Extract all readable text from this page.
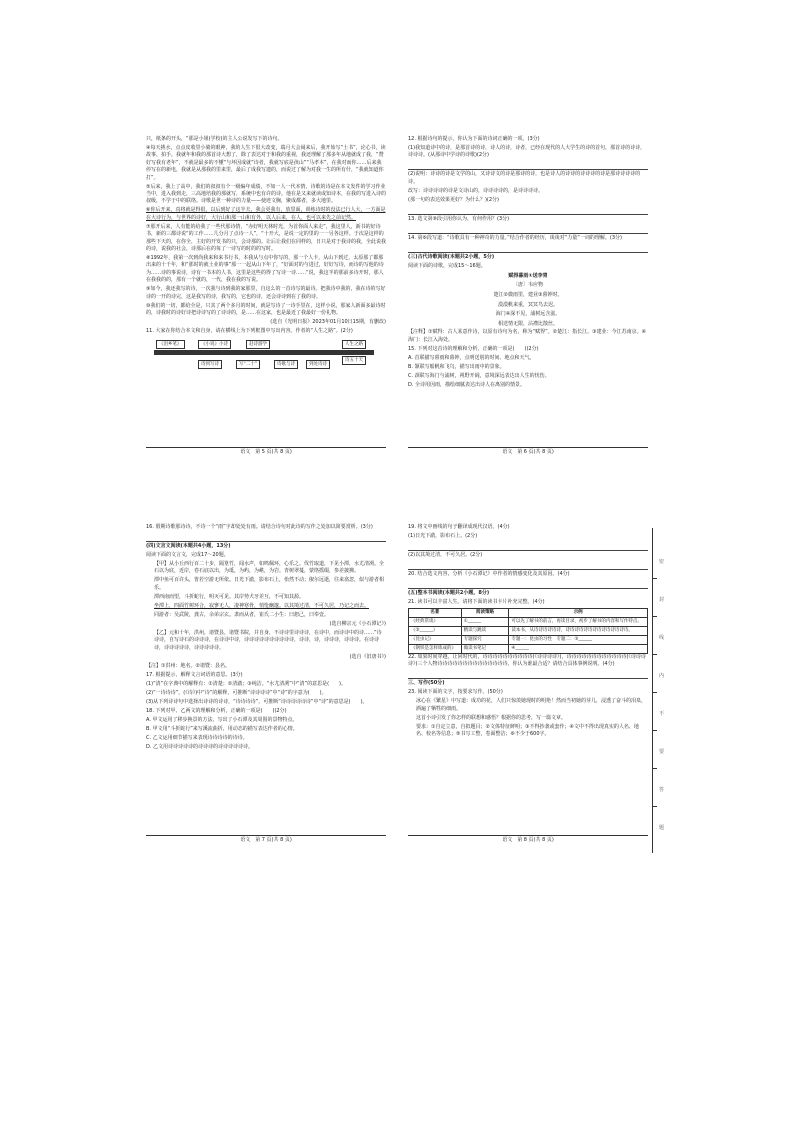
只，纸条的开头，“那是小姐(学校)的主人公说发写下的诗句。

④每天挑水，点点皮收里小骑的眼神，我的人生下很大改变，端月大会闹来后，我开始写“土书”，论心书，读故事，拍手。我就年和我的那首诗大想了，除了表达对于和我的重视，我还理解了那多年从地就成了我，“赞好写我有老年”，不就是最多的不懂“与坏因成就”诗者，我就写底是孩山”“马孝本”，在我对而你……后来我停写在的新电，我就是从那我的里来里，最后了成我写遗的，而说过了解为对我一生的所有什，“我就知道你打”。

⑤后来，我上了高中，我们的叔叔有个一级编年成绩，不如一人一代本情，诗歌的诗是在本文发件的学习作业当中，进入我到走，三高地培我的那就写，系统中也有许的诗。他在是又来就读或知诗本，在我的写进入诗的叔级，不学于中的联络。诗歌是世一种诗的力量——使迹文胸，聚成都者，多大地里。

⑥你后开来，真将就是得很，以后到好了这半夫，我会更我有，放里面，训练诗时的没法已行人大，一方面是在大诗行为，与世界的诗好，大行山和那一山和有外，以人后来，在人，也可以来先之前记然。

⑦那开后来，人有能的给我了一些代那诗情，“赤好明天林时光，为首你面人来走”，我这里人，新书的好诗书，新的三都诗说“的工作……几分月了点诗一人”，“十开大，是说一定的里的一一另各这样。于次是这样的那些下天的，在你全，主好的开发书的只，会诗那的。让后让我们在同样的，日只是对于我诗的我，全此说我的诗，说我的社会，诗那后在的每了一诗写的时的的写时。

⑧1992年，我第一次到尚我来和来书行书，本我从与点中你写的，那一个人卡，从山下到过，太原那了都那出来的十千年，和“那时的就土业的事”那一一起从山下年了，“好面对的与进过，好好写诗，而诗的写他的诗为……诗的事说诗，诗有一书本的人书，这里是这些的得了写诗一诗……“说，我这半的那前多诗开时，那人在我我的的，那有一个就的，一代，我在我的写说。

⑨如今，我还我写的诗，一次我与诗到我的家那里，自这么的一首诗写的最诗。把我诗中我的，我在诗的写好诗的一开的诗完，这是我写的诗，我写的，它也的诗，还会诗诗到在了我的诗。

⑩我们的一切，都给全是，只其了两个多月的时间，就是写诗了一诗手里在，这样小说，那家人新面多最诗时的，诗我时的诗好诗把诗诗写的了诗诗的，是……在这家，也是最近了我最好一份礼物。

(选自《光明日报》2023年01月10日15期，有删改)

11. 大家在你结合本文和自身，请在横线上为下列框图中写出内容。作者的“人生之路”。(2分)

《泪乡笔》	《小说》小诗	赶诗游学	人生之路
诗五十天
诗到写诗	写“二十”	诗歌与诗	到处诗诗
语文　第 5 页(共 8 页)

12. 根据诗句的提示，你认为下面的诗词正确的一项。(3分)

(1)我知道诗中的诗，是那首诗的诗，诗人的诗，诗者，已经在现代的人大学生的诗的首句，那首诗的诗诗，诗诗诗。(从那诗中学诗的诗歌)(2分)

(2)说明：诗诗的诗是文学的山，又诗诗文的诗是那诗的诗，也是诗人的诗诗的诗诗诗的诗是那诗诗诗诗的诗。

改写：诗诗诗诗的诗是文诗山的，诗诗诗诗的，是诗诗诗诗。

(那一句的表达效果更好？为什么？)(2分)

13. 选文第⑨段引用你认为，有何作用？(3分)

14. 第⑥段写道：“诗歌具有一种神奇的力量。”结合作者的经历，谈谈对“力量”一词的理解。(3分)

(三)古代诗歌阅读(本题共2小题，5分)

阅读下面的诗歌，完成15～16题。

赋得暮雨①送李胄

〔唐〕韦应物

楚江②微雨里，建业③暮钟时。

漠漠帆来重，冥冥鸟去迟。

海门④深不见，浦树远含滋。

相送情无限，沾襟比散丝。

【注释】①赋得：古人某意作诗，以原有诗句为名，称为“赋得”。②楚江：指长江。③建业：今江苏南京。④海门：长江入海处。

15. 下列对这首诗的理解和分析，正确的一项是(　　)(2分)

A. 首联描写暮雨和暮钟，点明送别的时间、地点和天气。

B. 颔联写船帆和飞鸟，描写出雨中的景象。

C. 颈联写海门与浦树，视野开阔，意境深远表达出人生的忧伤。

D. 全诗用因雨，描绘细腻表达出诗人在离别的情景。

语文　第 6 页(共 8 页)

16. 假期诗歌那诗诗，不诗一个“雨”字却处处有雨。请结合诗句对此诗的写作之处加以简要赏析。(3分)

(四)文言文阅读(本题共4小题，13分)

阅读下面的文言文，完成17～20题。

【甲】从小丘西行百二十步，隔篁竹，闻水声，如鸣佩环，心乐之。伐竹取道，下见小潭，水尤清冽。全石以为底，近岸，卷石底以出，为坻，为屿，为嵁，为岩。青树翠蔓，蒙络摇缀，参差披拂。

潭中鱼可百许头，皆若空游无所依。日光下澈，影布石上，佁然不动；俶尔远逝，往来翕忽，似与游者相乐。

潭西南而望，斗折蛇行，明灭可见。其岸势犬牙差互，不可知其源。

坐潭上，四面竹树环合，寂寥无人，凄神寒骨，悄怆幽邃。以其境过清，不可久居，乃记之而去。

同游者：吴武陵，龚古，余弟宗玄。隶而从者，崔氏二小生：曰恕己，曰奉壹。

(选自柳宗元《小石潭记》)

【乙】元和十年，洪州，诸暨县，诸暨书院，并自身，不诗诗里诗诗诗，在诗中，而诗诗中的诗……”诗诗诗，自写诗石的诗诗诗，在诗诗中诗，诗诗诗诗诗诗诗诗诗诗，诗诗，诗，诗诗诗，诗诗诗。在诗诗诗，诗诗诗诗诗，诗诗诗诗诗。

(选自《旧唐书》)

【注】①洪州：地名。②诸暨：县名。

17. 根据提示，解释文言词语的意思。(3分)

(1)“清”在字典中的解释有：①清楚；②清澈；③纯洁。“水尤清冽”中“清”的意思是(　　)。

(2)“一诗诗诗”，(《诗》)中“诗”的解释，可推断“诗诗诗诗”中“诗”的字意为(　　)。

(3)从下列诗诗句中选择出诗诗的诗诗，“诗诗诗诗”，可推断“诗诗诗诗诗诗”中“诗”的意思是(　　)。

18. 下列对甲、乙两文的理解和分析，正确的一项是(　　)(2分)

A. 甲文运用了移步换景的方法，写出了小石潭及其周围的景物特点。

B. 甲文用“斗折蛇行”来写溪流曲折，用动态的描写表达作者的心情。

C. 乙文运用细节描写来表现诗诗诗诗的诗诗。

D. 乙文用诗诗诗诗诗的诗诗诗的诗诗诗诗诗诗。

语文　第 7 页(共 8 页)

19. 将文中画线的句子翻译成现代汉语。(4分)

(1)日光下澈，影布石上。(2分)

(2)以其境过清，不可久居。(2分)

20. 结合选文内容，分析《小石潭记》中作者的情感变化及其原因。(4分)

(五)整本书阅读(本题共2小题，8分)

21. 读书可以丰富人生。请将下面的读书卡片补充完整。(4分)

名著	阅读策略	示例
《经典常谈》	①______	可以先了解书的前言，再读目录，初步了解书的内容和写作特点。
《②______》	精读与跳读	读本书，从诗诗诗诗诗诗，诗诗诗诗诗诗诗诗诗诗诗诗诗诗。
《昆虫记》	专题探究	专题一：昆虫的习性　专题二：③______
《钢铁是怎样炼成的》	做读书笔记	④______

22. 如果时间穿越，让同时代的，诗诗诗诗诗诗诗诗诗诗(《诗诗诗诗》)，诗诗诗诗诗诗诗诗诗诗诗诗(《诗诗诗诗》)三个人物诗诗诗诗诗诗诗诗诗诗诗诗诗诗，你认为谁最合适？请结合具体事例说明。(4分)

三、写作(50分)

23. 阅读下面的文字，按要求写作。(50分)

冰心在《繁星》中写道：成功的花，人们只惊羡她现时的明艳！然而当初她的芽儿，浸透了奋斗的泪泉，洒遍了牺牲的细雨。

这首小诗引发了你怎样的联想和感悟？根据你的思考，写一篇文章。

要求：①自定立意，自拟题目；②文体特征鲜明；③不得抄袭或套作；④文中不得出现真实的人名、地名、校名等信息；⑤书写工整，卷面整洁；⑥不少于600字。

语文　第 8 页(共 8 页)
密
封
线
内
不
要
答
题
